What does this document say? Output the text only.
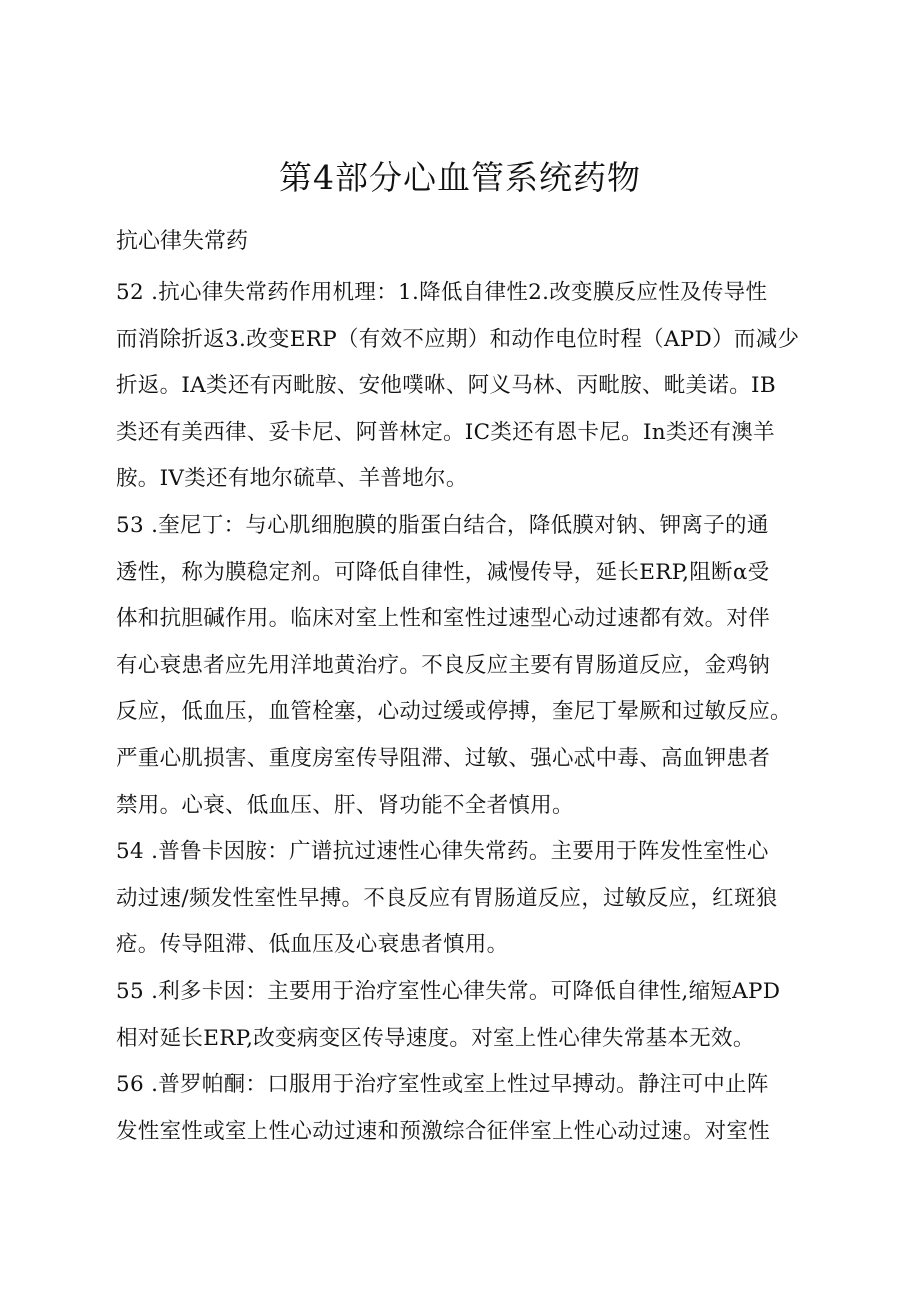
第4部分心血管系统药物
抗心律失常药
52 .抗心律失常药作用机理：1.降低自律性2.改变膜反应性及传导性
而消除折返3.改变ERP（有效不应期）和动作电位时程（APD）而减少
折返。IA类还有丙毗胺、安他噗咻、阿义马林、丙毗胺、毗美诺。IB
类还有美西律、妥卡尼、阿普林定。IC类还有恩卡尼。In类还有澳羊
胺。IV类还有地尔硫草、羊普地尔。
53 .奎尼丁：与心肌细胞膜的脂蛋白结合，降低膜对钠、钾离子的通
透性，称为膜稳定剂。可降低自律性，减慢传导，延长ERP,阻断α受
体和抗胆碱作用。临床对室上性和室性过速型心动过速都有效。对伴
有心衰患者应先用洋地黄治疗。不良反应主要有胃肠道反应，金鸡钠
反应，低血压，血管栓塞，心动过缓或停搏，奎尼丁晕厥和过敏反应。
严重心肌损害、重度房室传导阻滞、过敏、强心忒中毒、高血钾患者
禁用。心衰、低血压、肝、肾功能不全者慎用。
54 .普鲁卡因胺：广谱抗过速性心律失常药。主要用于阵发性室性心
动过速/频发性室性早搏。不良反应有胃肠道反应，过敏反应，红斑狼
疮。传导阻滞、低血压及心衰患者慎用。
55 .利多卡因：主要用于治疗室性心律失常。可降低自律性,缩短APD
相对延长ERP,改变病变区传导速度。对室上性心律失常基本无效。
56 .普罗帕酮：口服用于治疗室性或室上性过早搏动。静注可中止阵
发性室性或室上性心动过速和预激综合征伴室上性心动过速。对室性
